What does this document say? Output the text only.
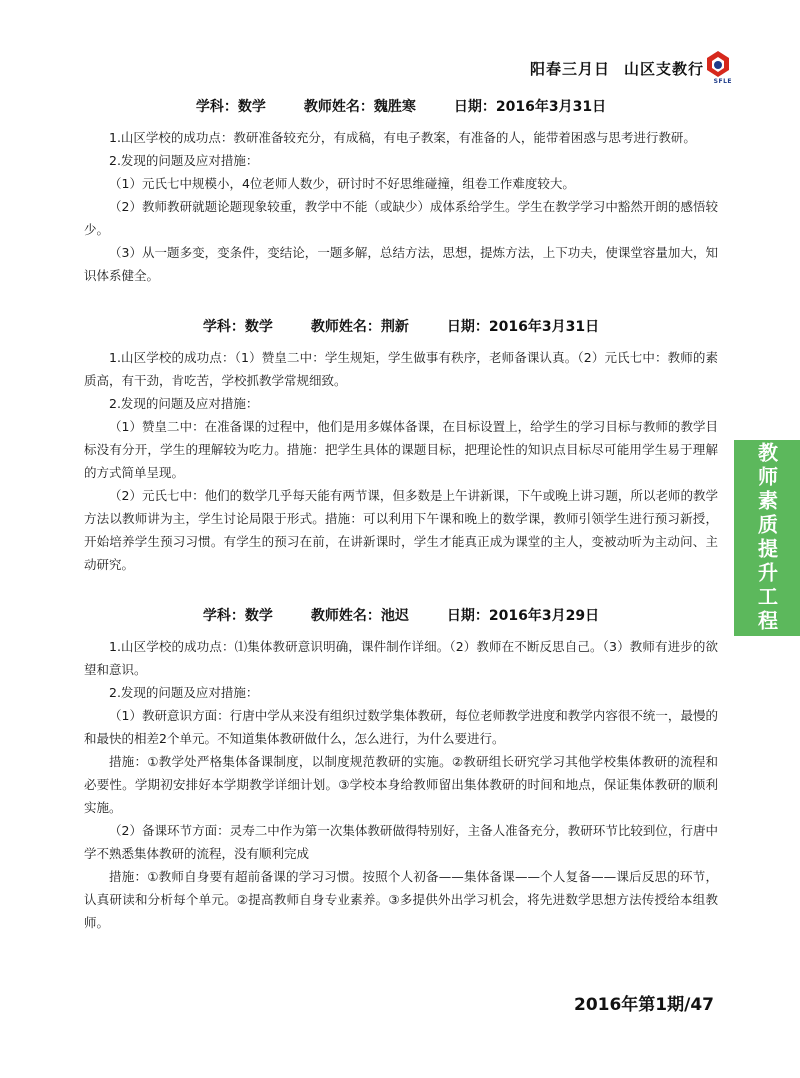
阳春三月日 山区支教行
SFLE
学科：数学	教师姓名：魏胜寒	日期：2016年3月31日

1.山区学校的成功点：教研准备较充分，有成稿，有电子教案，有准备的人，能带着困惑与思考进行教研。

2.发现的问题及应对措施：

（1）元氏七中规模小，4位老师人数少，研讨时不好思维碰撞，组卷工作难度较大。

（2）教师教研就题论题现象较重，教学中不能（或缺少）成体系给学生。学生在教学学习中豁然开朗的感悟较少。

（3）从一题多变，变条件，变结论，一题多解，总结方法，思想，提炼方法，上下功夫，使课堂容量加大，知识体系健全。

学科：数学	教师姓名：荆新	日期：2016年3月31日

1.山区学校的成功点：（1）赞皇二中：学生规矩，学生做事有秩序，老师备课认真。（2）元氏七中：教师的素质高，有干劲，肯吃苦，学校抓教学常规细致。

2.发现的问题及应对措施：

（1）赞皇二中：在准备课的过程中，他们是用多媒体备课，在目标设置上，给学生的学习目标与教师的教学目标没有分开，学生的理解较为吃力。措施：把学生具体的课题目标，把理论性的知识点目标尽可能用学生易于理解的方式简单呈现。

（2）元氏七中：他们的数学几乎每天能有两节课，但多数是上午讲新课，下午或晚上讲习题，所以老师的教学方法以教师讲为主，学生讨论局限于形式。措施：可以利用下午课和晚上的数学课，教师引领学生进行预习新授，开始培养学生预习习惯。有学生的预习在前，在讲新课时，学生才能真正成为课堂的主人，变被动听为主动问、主动研究。

学科：数学	教师姓名：池迟	日期：2016年3月29日

1.山区学校的成功点：⑴集体教研意识明确，课件制作详细。（2）教师在不断反思自己。（3）教师有进步的欲望和意识。

2.发现的问题及应对措施：

（1）教研意识方面：行唐中学从来没有组织过数学集体教研，每位老师教学进度和教学内容很不统一，最慢的和最快的相差2个单元。不知道集体教研做什么，怎么进行，为什么要进行。

措施：①教学处严格集体备课制度，以制度规范教研的实施。②教研组长研究学习其他学校集体教研的流程和必要性。学期初安排好本学期教学详细计划。③学校本身给教师留出集体教研的时间和地点，保证集体教研的顺利实施。

（2）备课环节方面：灵寿二中作为第一次集体教研做得特别好，主备人准备充分，教研环节比较到位，行唐中学不熟悉集体教研的流程，没有顺利完成

措施：①教师自身要有超前备课的学习习惯。按照个人初备——集体备课——个人复备——课后反思的环节，认真研读和分析每个单元。②提高教师自身专业素养。③多提供外出学习机会，将先进数学思想方法传授给本组教师。

教师素质提升工程
2016年第1期/47
